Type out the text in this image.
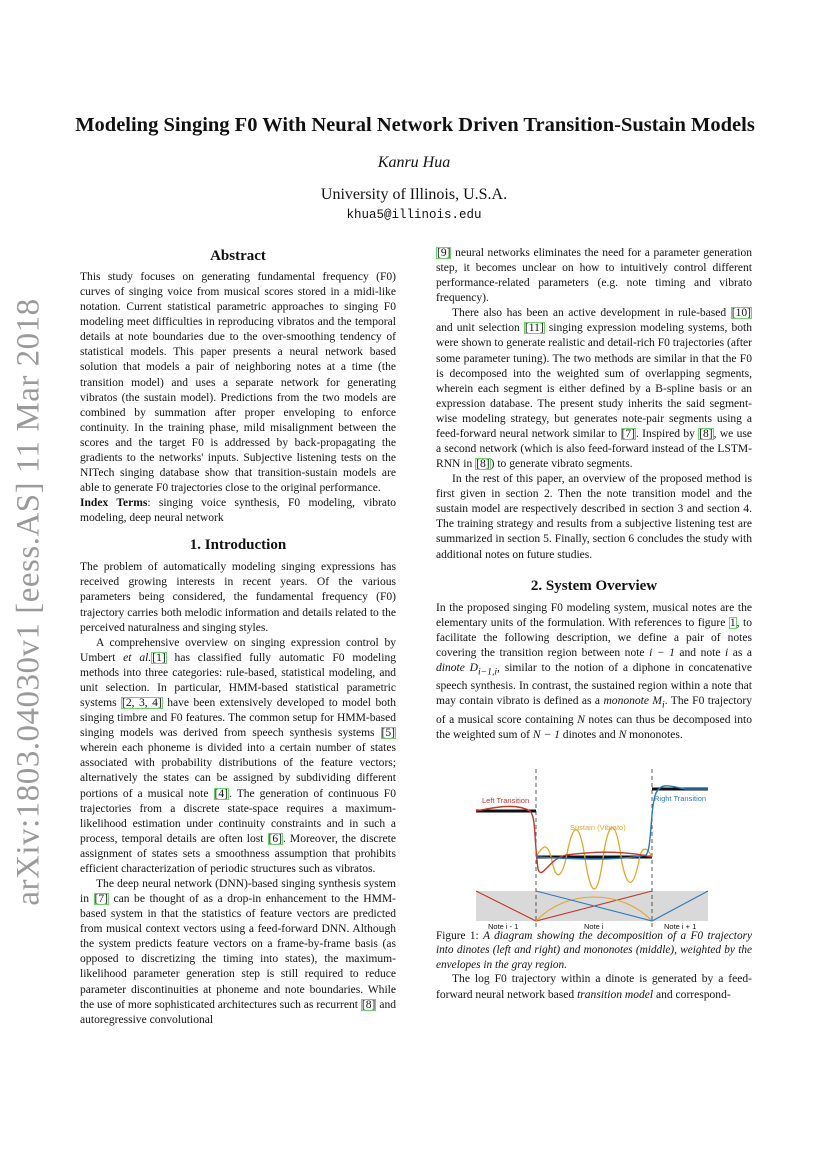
arXiv:1803.04030v1 [eess.AS] 11 Mar 2018
Modeling Singing F0 With Neural Network Driven Transition-Sustain Models
Kanru Hua
University of Illinois, U.S.A.
khua5@illinois.edu
Abstract

This study focuses on generating fundamental frequency (F0) curves of singing voice from musical scores stored in a midi-like notation. Current statistical parametric approaches to singing F0 modeling meet difficulties in reproducing vibratos and the temporal details at note boundaries due to the over-smoothing tendency of statistical models. This paper presents a neural network based solution that models a pair of neighboring notes at a time (the transition model) and uses a separate network for generating vibratos (the sustain model). Predictions from the two models are combined by summation after proper enveloping to enforce continuity. In the training phase, mild misalignment between the scores and the target F0 is addressed by back-propagating the gradients to the networks' inputs. Subjective listening tests on the NITech singing database show that transition-sustain models are able to generate F0 trajectories close to the original performance.

Index Terms: singing voice synthesis, F0 modeling, vibrato modeling, deep neural network

1. Introduction

The problem of automatically modeling singing expressions has received growing interests in recent years. Of the various parameters being considered, the fundamental frequency (F0) trajectory carries both melodic information and details related to the perceived naturalness and singing styles.

A comprehensive overview on singing expression control by Umbert et al.[1] has classified fully automatic F0 modeling methods into three categories: rule-based, statistical modeling, and unit selection. In particular, HMM-based statistical parametric systems [2, 3, 4] have been extensively developed to model both singing timbre and F0 features. The common setup for HMM-based singing models was derived from speech synthesis systems [5] wherein each phoneme is divided into a certain number of states associated with probability distributions of the feature vectors; alternatively the states can be assigned by subdividing different portions of a musical note [4]. The generation of continuous F0 trajectories from a discrete state-space requires a maximum-likelihood estimation under continuity constraints and in such a process, temporal details are often lost [6]. Moreover, the discrete assignment of states sets a smoothness assumption that prohibits efficient characterization of periodic structures such as vibratos.

The deep neural network (DNN)-based singing synthesis system in [7] can be thought of as a drop-in enhancement to the HMM-based system in that the statistics of feature vectors are predicted from musical context vectors using a feed-forward DNN. Although the system predicts feature vectors on a frame-by-frame basis (as opposed to discretizing the timing into states), the maximum-likelihood parameter generation step is still required to reduce parameter discontinuities at phoneme and note boundaries. While the use of more sophisticated architectures such as recurrent [8] and autoregressive convolutional

[9] neural networks eliminates the need for a parameter generation step, it becomes unclear on how to intuitively control different performance-related parameters (e.g. note timing and vibrato frequency).

There also has been an active development in rule-based [10] and unit selection [11] singing expression modeling systems, both were shown to generate realistic and detail-rich F0 trajectories (after some parameter tuning). The two methods are similar in that the F0 is decomposed into the weighted sum of overlapping segments, wherein each segment is either defined by a B-spline basis or an expression database. The present study inherits the said segment-wise modeling strategy, but generates note-pair segments using a feed-forward neural network similar to [7]. Inspired by [8], we use a second network (which is also feed-forward instead of the LSTM-RNN in [8]) to generate vibrato segments.

In the rest of this paper, an overview of the proposed method is first given in section 2. Then the note transition model and the sustain model are respectively described in section 3 and section 4. The training strategy and results from a subjective listening test are summarized in section 5. Finally, section 6 concludes the study with additional notes on future studies.

2. System Overview

In the proposed singing F0 modeling system, musical notes are the elementary units of the formulation. With references to figure 1, to facilitate the following description, we define a pair of notes covering the transition region between note i − 1 and note i as a dinote $D_{i-1,i}$, similar to the notion of a diphone in concatenative speech synthesis. In contrast, the sustained region within a note that may contain vibrato is defined as a mononote $M_i$. The F0 trajectory of a musical score containing N notes can thus be decomposed into the weighted sum of N − 1 dinotes and N mononotes.

Left Transition	Right Transition
Sustain (Vibrato)
Note i - 1	Note i	Note i + 1

Figure 1: A diagram showing the decomposition of a F0 trajectory into dinotes (left and right) and mononotes (middle), weighted by the envelopes in the gray region.

The log F0 trajectory within a dinote is generated by a feed-forward neural network based transition model and correspond-
